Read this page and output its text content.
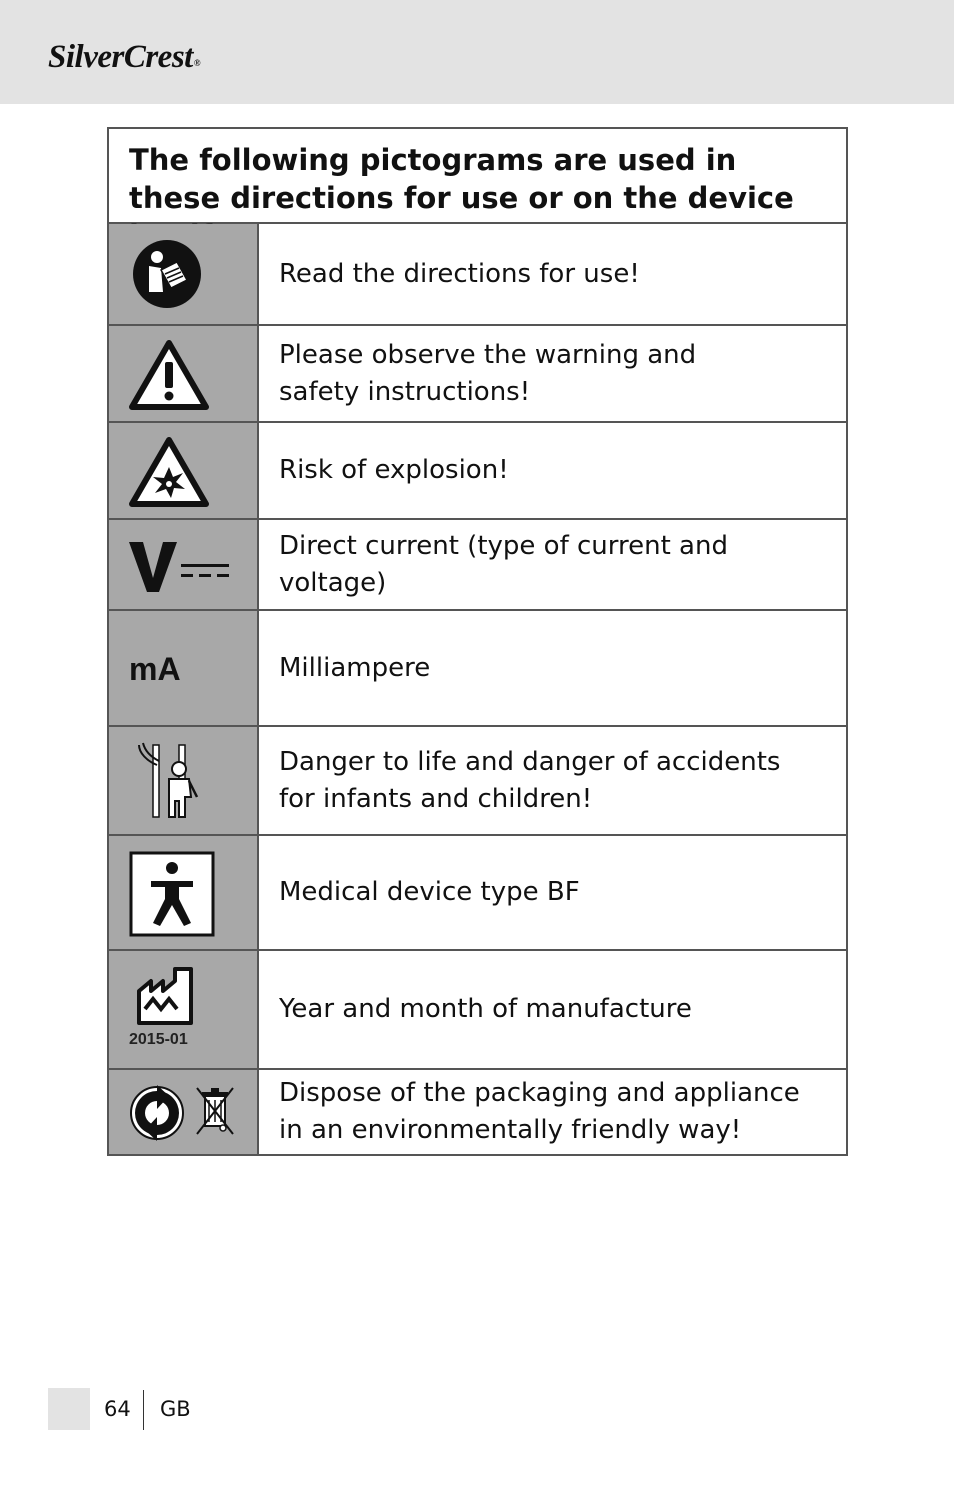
SilverCrest®
The following pictograms are used in these directions for use or on the device
Read the directions for use!
Please observe the warning and
safety instructions!
Risk of explosion!
Direct current (type of current and voltage)
mA	Milliampere
Danger to life and danger of accidents
for infants and children!
Medical device type BF
2015-01
Year and month of manufacture
Dispose of the packaging and appliance
in an environmentally friendly way!
64 GB
